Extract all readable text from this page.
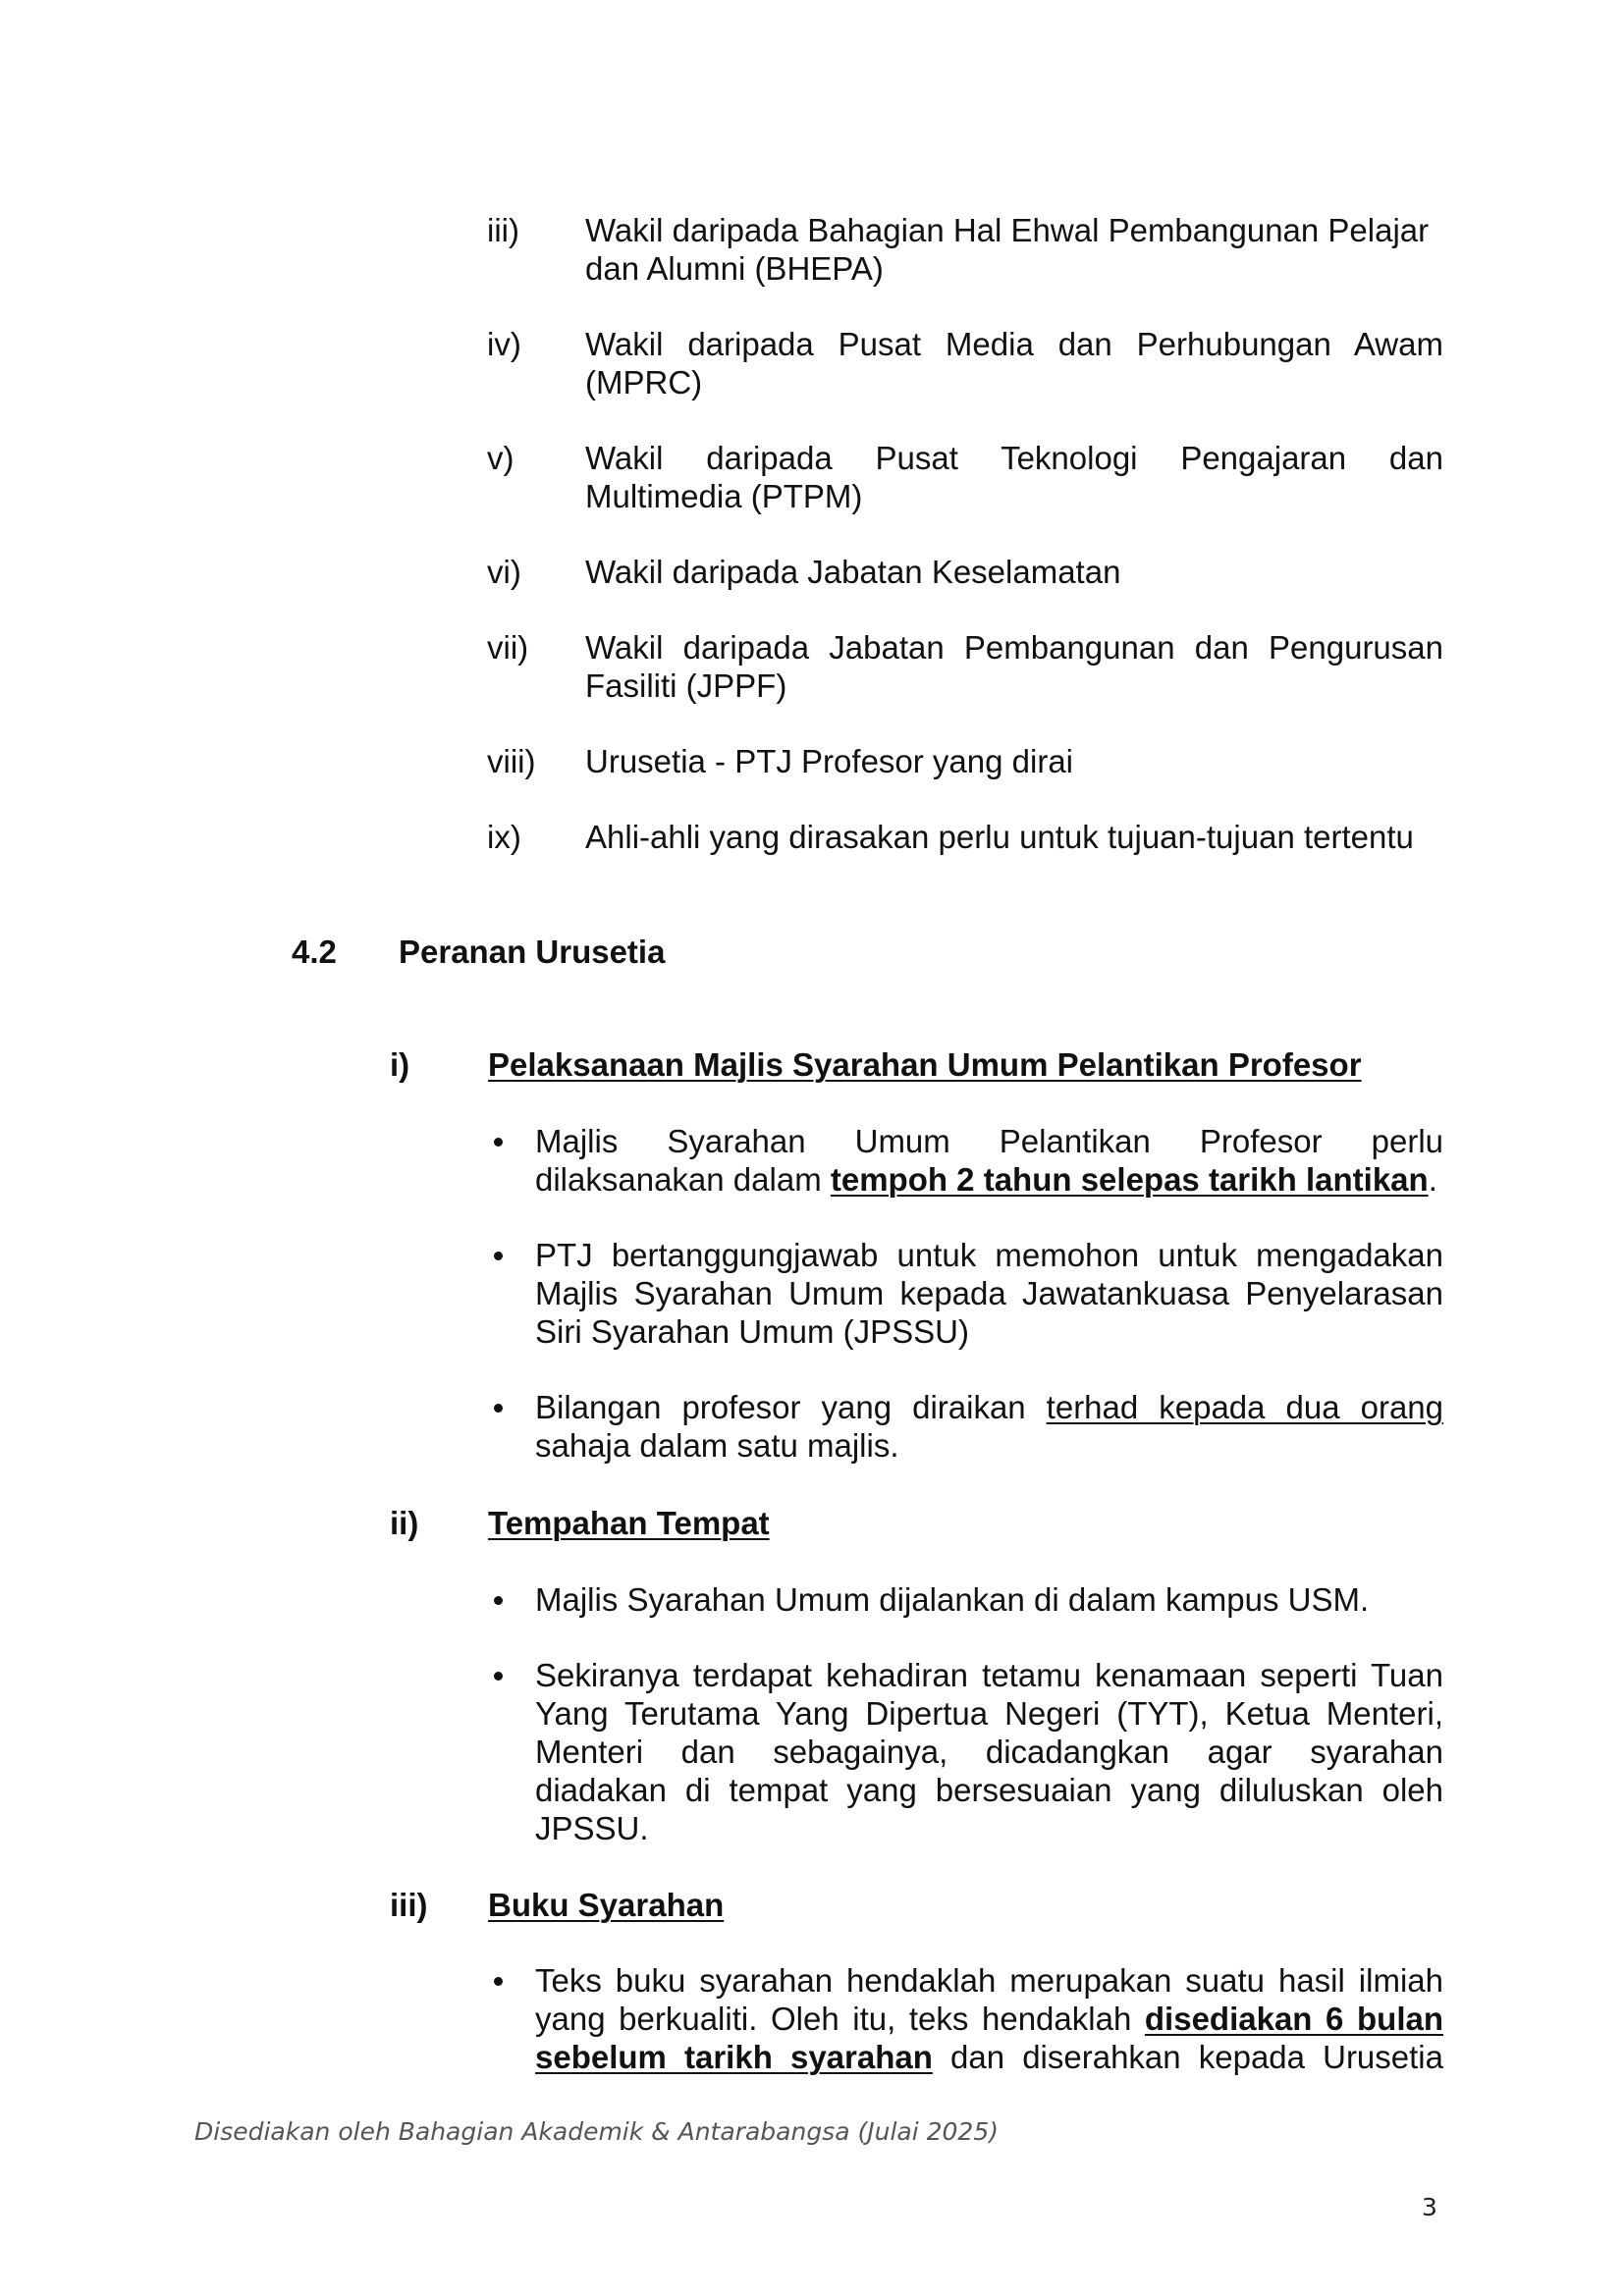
iii) Wakil daripada Bahagian Hal Ehwal Pembangunan Pelajar
dan Alumni (BHEPA)
iv) Wakil daripada Pusat Media dan Perhubungan Awam
(MPRC)
v) Wakil daripada Pusat Teknologi Pengajaran dan
Multimedia (PTPM)
vi) Wakil daripada Jabatan Keselamatan
vii) Wakil daripada Jabatan Pembangunan dan Pengurusan
Fasiliti (JPPF)
viii) Urusetia - PTJ Profesor yang dirai
ix) Ahli-ahli yang dirasakan perlu untuk tujuan-tujuan tertentu
4.2 Peranan Urusetia
i) Pelaksanaan Majlis Syarahan Umum Pelantikan Profesor
Majlis Syarahan Umum Pelantikan Profesor perlu
dilaksanakan dalam tempoh 2 tahun selepas tarikh lantikan.
PTJ bertanggungjawab untuk memohon untuk mengadakan
Majlis Syarahan Umum kepada Jawatankuasa Penyelarasan
Siri Syarahan Umum (JPSSU)
Bilangan profesor yang diraikan terhad kepada dua orang
sahaja dalam satu majlis.
ii) Tempahan Tempat
Majlis Syarahan Umum dijalankan di dalam kampus USM.
Sekiranya terdapat kehadiran tetamu kenamaan seperti Tuan
Yang Terutama Yang Dipertua Negeri (TYT), Ketua Menteri,
Menteri dan sebagainya, dicadangkan agar syarahan
diadakan di tempat yang bersesuaian yang diluluskan oleh
JPSSU.
iii) Buku Syarahan
Teks buku syarahan hendaklah merupakan suatu hasil ilmiah
yang berkualiti. Oleh itu, teks hendaklah disediakan 6 bulan
sebelum tarikh syarahan dan diserahkan kepada Urusetia
Disediakan oleh Bahagian Akademik & Antarabangsa (Julai 2025)
3
